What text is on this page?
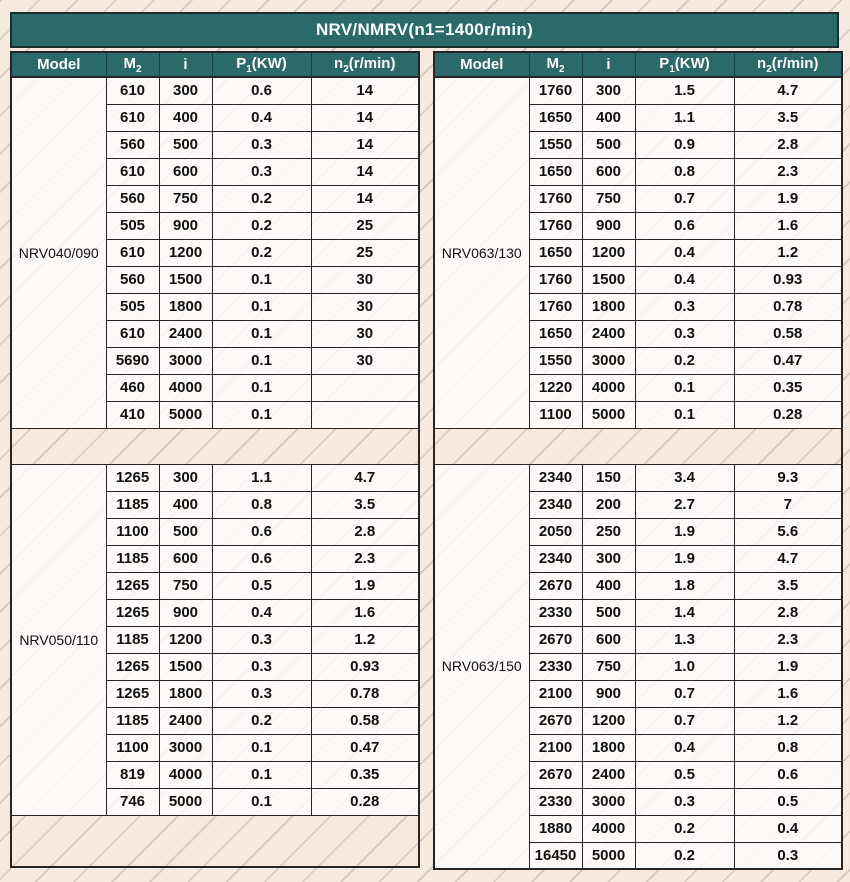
NRV/NMRV(n1=1400r/min)
Model	$M_2$	i	$P_1(KW)$	$n_2(r/\min)$
NRV040/090	610	300	0.6	14
	610	400	0.4	14
	560	500	0.3	14
	610	600	0.3	14
	560	750	0.2	14
	505	900	0.2	25
	610	1200	0.2	25
	560	1500	0.1	30
	505	1800	0.1	30
	610	2400	0.1	30
	5690	3000	0.1	30
	460	4000	0.1	
	410	5000	0.1	

NRV050/110	1265	300	1.1	4.7
	1185	400	0.8	3.5
	1100	500	0.6	2.8
	1185	600	0.6	2.3
	1265	750	0.5	1.9
	1265	900	0.4	1.6
	1185	1200	0.3	1.2
	1265	1500	0.3	0.93
	1265	1800	0.3	0.78
	1185	2400	0.2	0.58
	1100	3000	0.1	0.47
	819	4000	0.1	0.35
	746	5000	0.1	0.28

Model	$M_2$	i	$P_1(KW)$	$n_2(r/\min)$
NRV063/130	1760	300	1.5	4.7
	1650	400	1.1	3.5
	1550	500	0.9	2.8
	1650	600	0.8	2.3
	1760	750	0.7	1.9
	1760	900	0.6	1.6
	1650	1200	0.4	1.2
	1760	1500	0.4	0.93
	1760	1800	0.3	0.78
	1650	2400	0.3	0.58
	1550	3000	0.2	0.47
	1220	4000	0.1	0.35
	1100	5000	0.1	0.28

NRV063/150	2340	150	3.4	9.3
	2340	200	2.7	7
	2050	250	1.9	5.6
	2340	300	1.9	4.7
	2670	400	1.8	3.5
	2330	500	1.4	2.8
	2670	600	1.3	2.3
	2330	750	1.0	1.9
	2100	900	0.7	1.6
	2670	1200	0.7	1.2
	2100	1800	0.4	0.8
	2670	2400	0.5	0.6
	2330	3000	0.3	0.5
	1880	4000	0.2	0.4
	16450	5000	0.2	0.3
